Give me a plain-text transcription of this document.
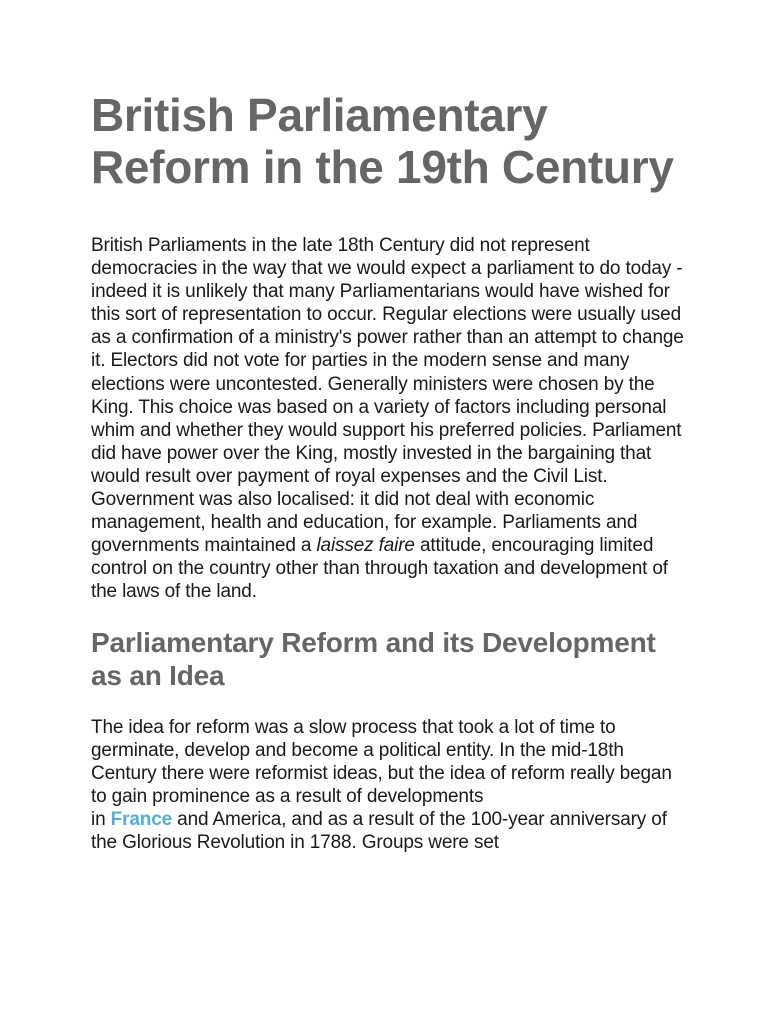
British Parliamentary
Reform in the 19th Century

British Parliaments in the late 18th Century did not represent democracies in the way that we would expect a parliament to do today - indeed it is unlikely that many Parliamentarians would have wished for this sort of representation to occur. Regular elections were usually used as a confirmation of a ministry's power rather than an attempt to change it. Electors did not vote for parties in the modern sense and many elections were uncontested. Generally ministers were chosen by the King. This choice was based on a variety of factors including personal whim and whether they would support his preferred policies. Parliament did have power over the King, mostly invested in the bargaining that would result over payment of royal expenses and the Civil List. Government was also localised: it did not deal with economic management, health and education, for example. Parliaments and governments maintained a laissez faire attitude, encouraging limited control on the country other than through taxation and development of the laws of the land.

Parliamentary Reform and its Development
as an Idea

The idea for reform was a slow process that took a lot of time to germinate, develop and become a political entity. In the mid-18th Century there were reformist ideas, but the idea of reform really began to gain prominence as a result of developments
in France and America, and as a result of the 100-year anniversary of the Glorious Revolution in 1788. Groups were set
